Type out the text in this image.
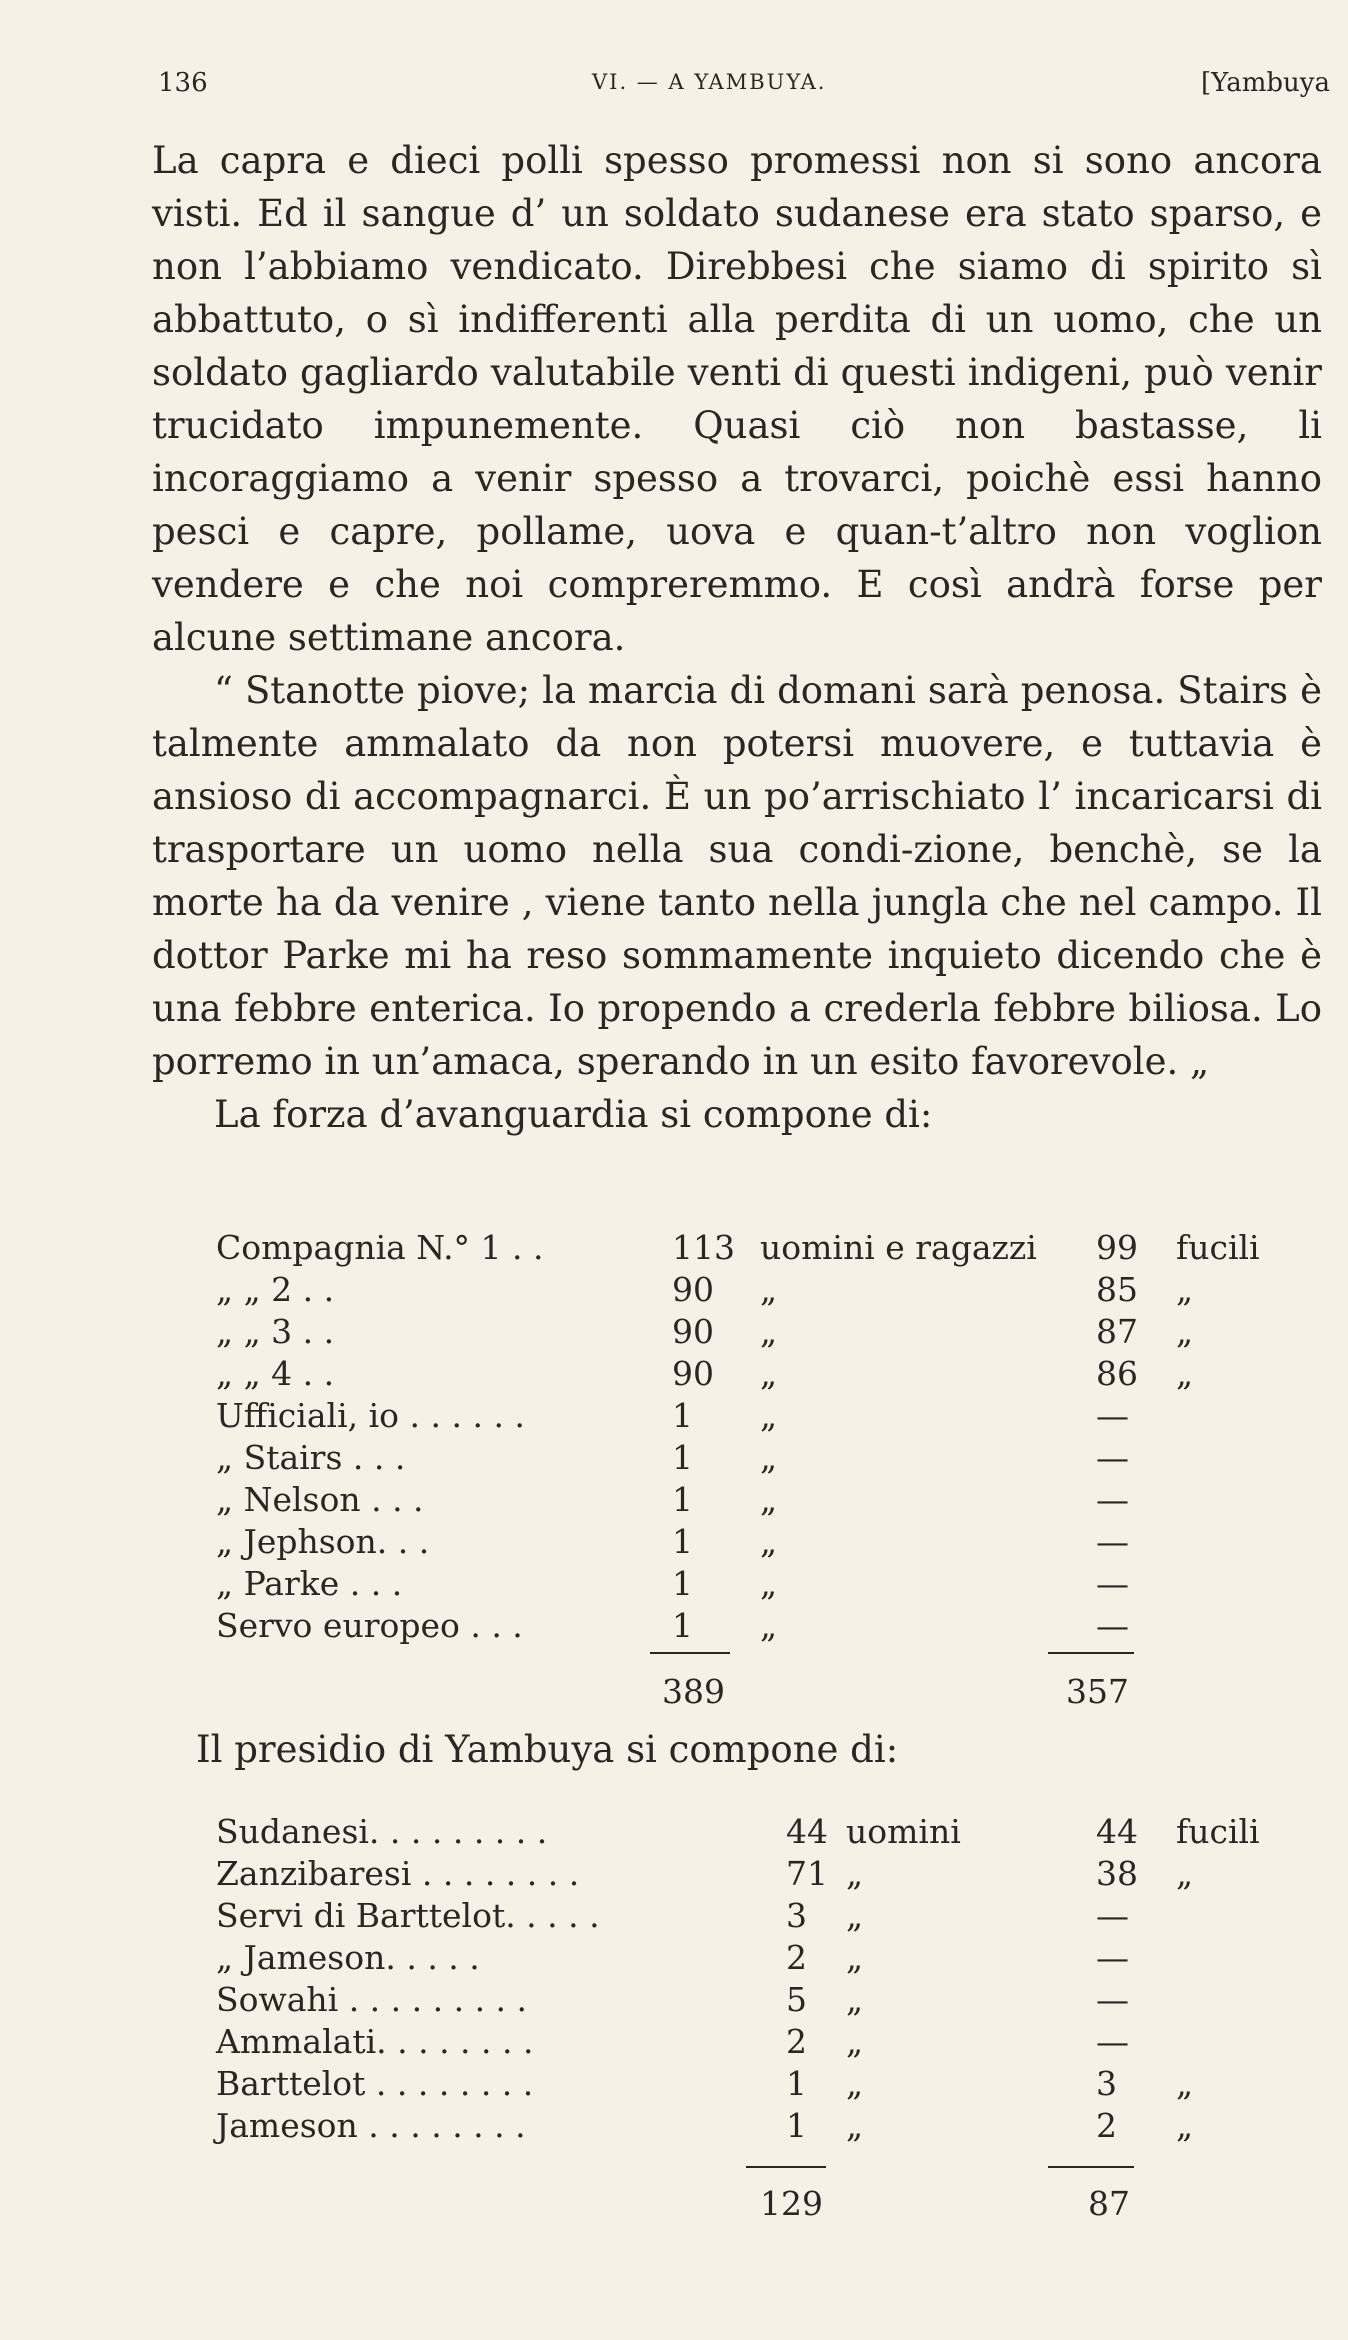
136	VI. — A YAMBUYA.	[Yambuya

La capra e dieci polli spesso promessi non si sono ancora visti. Ed il sangue d’ un soldato sudanese era stato sparso, e non l’abbiamo vendicato. Direbbesi che siamo di spirito sì abbattuto, o sì indifferenti alla perdita di un uomo, che un soldato gagliardo valutabile venti di questi indigeni, può venir trucidato impunemente. Quasi ciò non bastasse, li incoraggiamo a venir spesso a trovarci, poichè essi hanno pesci e capre, pollame, uova e quan-t’altro non voglion vendere e che noi compreremmo. E così andrà forse per alcune settimane ancora.

“ Stanotte piove; la marcia di domani sarà penosa. Stairs è talmente ammalato da non potersi muovere, e tuttavia è ansioso di accompagnarci. È un po’arrischiato l’ incaricarsi di trasportare un uomo nella sua condi-zione, benchè, se la morte ha da venire , viene tanto nella jungla che nel campo. Il dottor Parke mi ha reso sommamente inquieto dicendo che è una febbre enterica. Io propendo a crederla febbre biliosa. Lo porremo in un’amaca, sperando in un esito favorevole. „

La forza d’avanguardia si compone di:

Compagnia N.° 1 . .	113 uomini e ragazzi 99 fucili
„ „ 2 . .	90 „	85 „
„ „ 3 . .	90 „	87 „
„ „ 4 . .	90 „	86 „
Ufficiali, io . . . . . .	1 „	—
„ Stairs . . .	1 „	—
„ Nelson . . .	1 „	—
„ Jephson. . .	1 „	—
„ Parke . . .	1 „	—
Servo europeo . . .	1 „	—
389	357
Il presidio di Yambuya si compone di:
Sudanesi. . . . . . . . .	44 uomini	44 fucili
Zanzibaresi . . . . . . . .	71 „	38 „
Servi di Barttelot. . . . .	3 „	—
„ Jameson. . . . .	2 „	—
Sowahi . . . . . . . . .	5 „	—
Ammalati. . . . . . . .	2 „	—
Barttelot . . . . . . . .	1 „	3 „
Jameson . . . . . . . .	1 „	2 „
129	87
